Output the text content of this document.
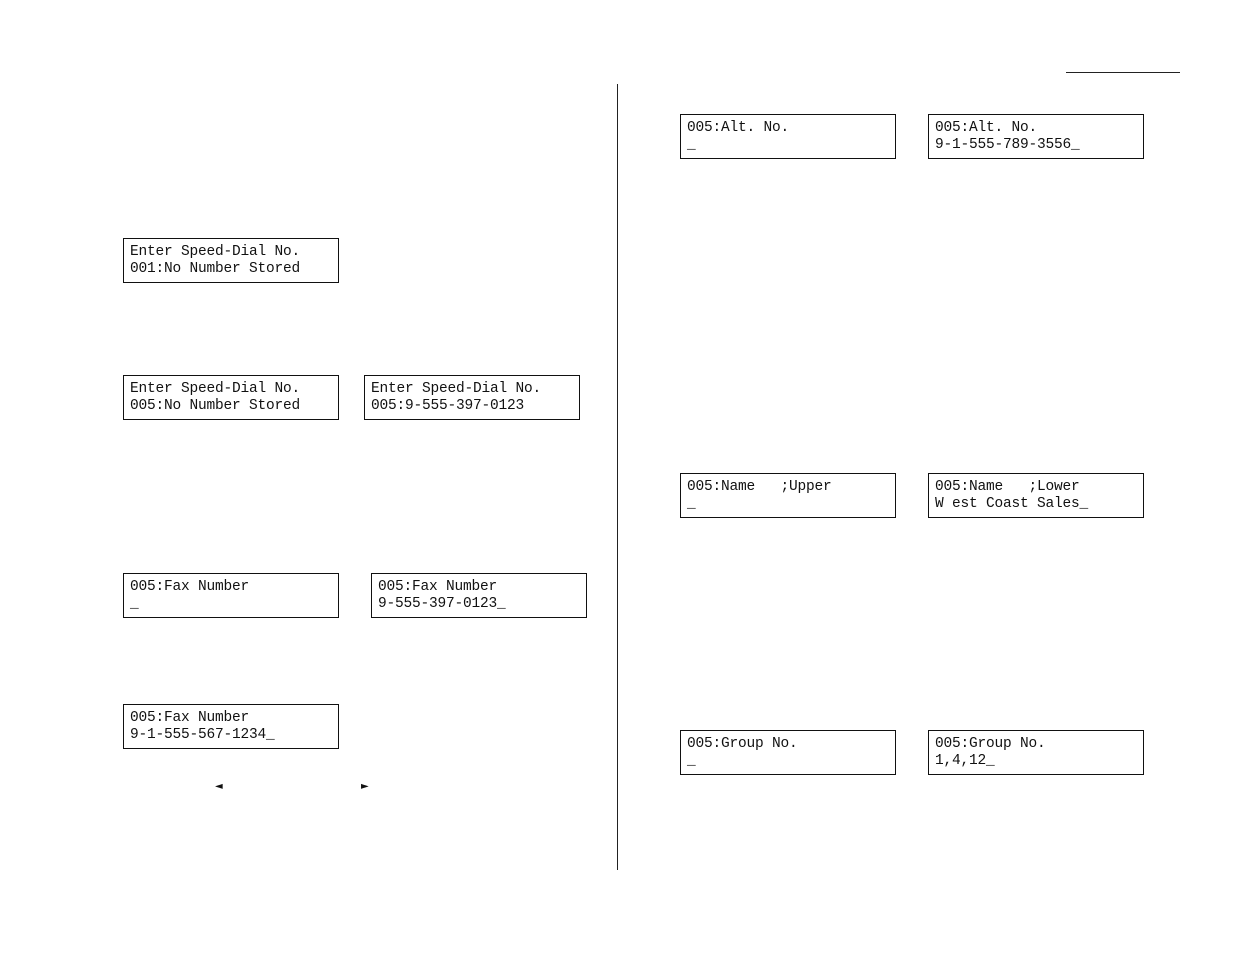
Enter Speed-Dial No.
001:No Number Stored
Enter Speed-Dial No.
005:No Number Stored
Enter Speed-Dial No.
005:9-555-397-0123
005:Fax Number
_
005:Fax Number
9-555-397-0123_
005:Fax Number
9-1-555-567-1234_
◄	►
005:Alt. No.
_
005:Alt. No.
9-1-555-789-3556_
005:Name   ;Upper
_
005:Name   ;Lower
W est Coast Sales_
005:Group No.
_
005:Group No.
1,4,12_
